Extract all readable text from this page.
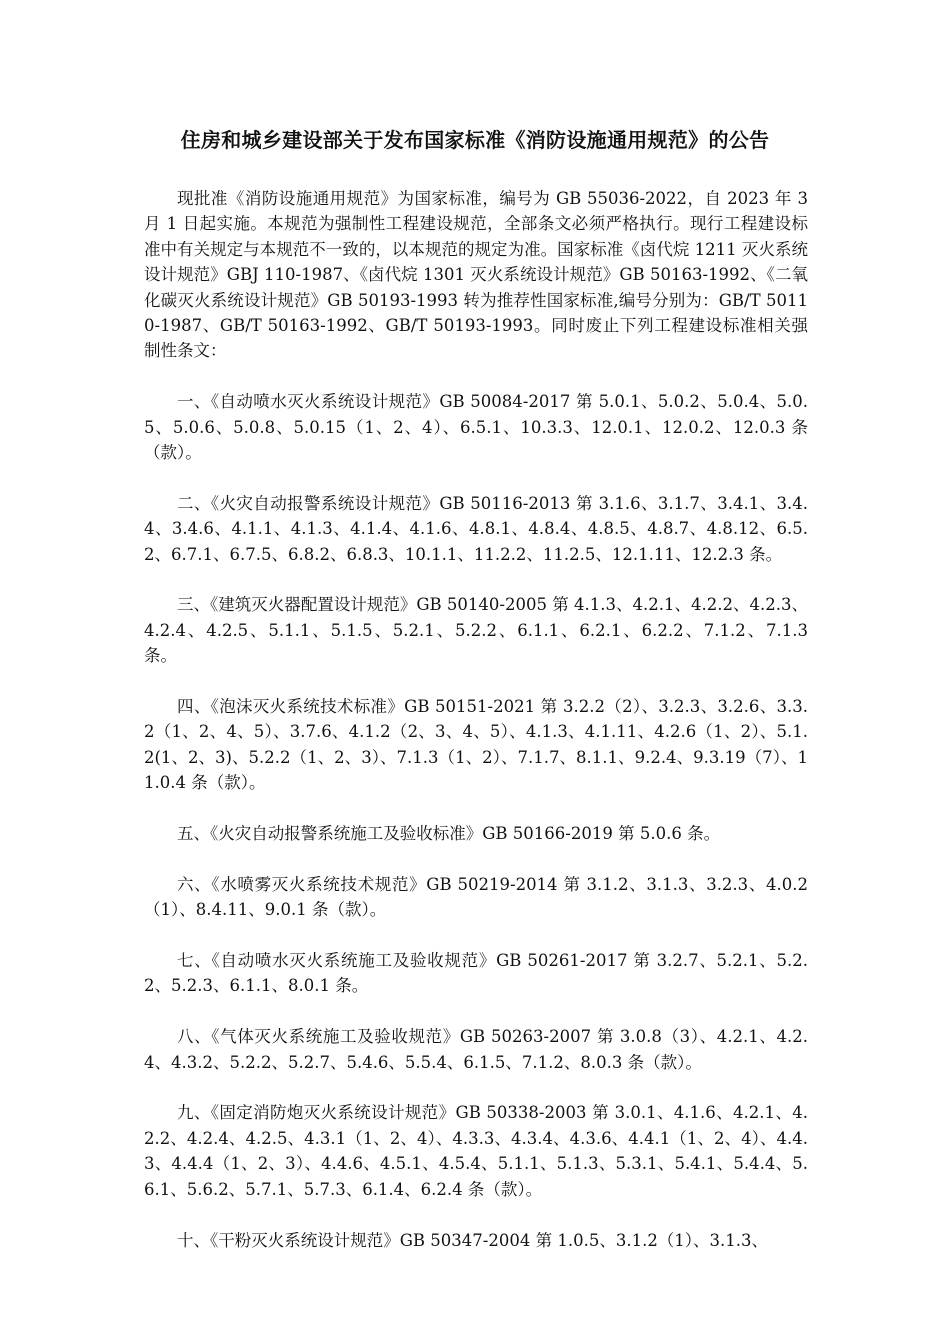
住房和城乡建设部关于发布国家标准《消防设施通用规范》的公告

现批准《消防设施通用规范》为国家标准，编号为 GB 55036-2022，自 2023 年 3 月 1 日起实施。本规范为强制性工程建设规范，全部条文必须严格执行。现行工程建设标准中有关规定与本规范不一致的，以本规范的规定为准。国家标准《卤代烷 1211 灭火系统设计规范》GBJ 110-1987、《卤代烷 1301 灭火系统设计规范》GB 50163-1992、《二氧化碳灭火系统设计规范》GB 50193-1993 转为推荐性国家标准,编号分别为：GB/T 50110-1987、GB/T 50163-1992、GB/T 50193-1993。同时废止下列工程建设标准相关强制性条文：

一、《自动喷水灭火系统设计规范》GB 50084-2017 第 5.0.1、5.0.2、5.0.4、5.0.5、5.0.6、5.0.8、5.0.15（1、2、4）、6.5.1、10.3.3、12.0.1、12.0.2、12.0.3 条（款）。

二、《火灾自动报警系统设计规范》GB 50116-2013 第 3.1.6、3.1.7、3.4.1、3.4.4、3.4.6、4.1.1、4.1.3、4.1.4、4.1.6、4.8.1、4.8.4、4.8.5、4.8.7、4.8.12、6.5.2、6.7.1、6.7.5、6.8.2、6.8.3、10.1.1、11.2.2、11.2.5、12.1.11、12.2.3 条。

三、《建筑灭火器配置设计规范》GB 50140-2005 第 4.1.3、4.2.1、4.2.2、4.2.3、4.2.4、4.2.5、5.1.1、5.1.5、5.2.1、5.2.2、6.1.1、6.2.1、6.2.2、7.1.2、7.1.3 条。

四、《泡沫灭火系统技术标准》GB 50151-2021 第 3.2.2（2）、3.2.3、3.2.6、3.3.2（1、2、4、5）、3.7.6、4.1.2（2、3、4、5）、4.1.3、4.1.11、4.2.6（1、2）、5.1.2(1、2、3)、5.2.2（1、2、3）、7.1.3（1、2）、7.1.7、8.1.1、9.2.4、9.3.19（7）、11.0.4 条（款）。

五、《火灾自动报警系统施工及验收标准》GB 50166-2019 第 5.0.6 条。

六、《水喷雾灭火系统技术规范》GB 50219-2014 第 3.1.2、3.1.3、3.2.3、4.0.2（1）、8.4.11、9.0.1 条（款）。

七、《自动喷水灭火系统施工及验收规范》GB 50261-2017 第 3.2.7、5.2.1、5.2.2、5.2.3、6.1.1、8.0.1 条。

八、《气体灭火系统施工及验收规范》GB 50263-2007 第 3.0.8（3）、4.2.1、4.2.4、4.3.2、5.2.2、5.2.7、5.4.6、5.5.4、6.1.5、7.1.2、8.0.3 条（款）。

九、《固定消防炮灭火系统设计规范》GB 50338-2003 第 3.0.1、4.1.6、4.2.1、4.2.2、4.2.4、4.2.5、4.3.1（1、2、4）、4.3.3、4.3.4、4.3.6、4.4.1（1、2、4）、4.4.3、4.4.4（1、2、3）、4.4.6、4.5.1、4.5.4、5.1.1、5.1.3、5.3.1、5.4.1、5.4.4、5.6.1、5.6.2、5.7.1、5.7.3、6.1.4、6.2.4 条（款）。

十、《干粉灭火系统设计规范》GB 50347-2004 第 1.0.5、3.1.2（1）、3.1.3、
